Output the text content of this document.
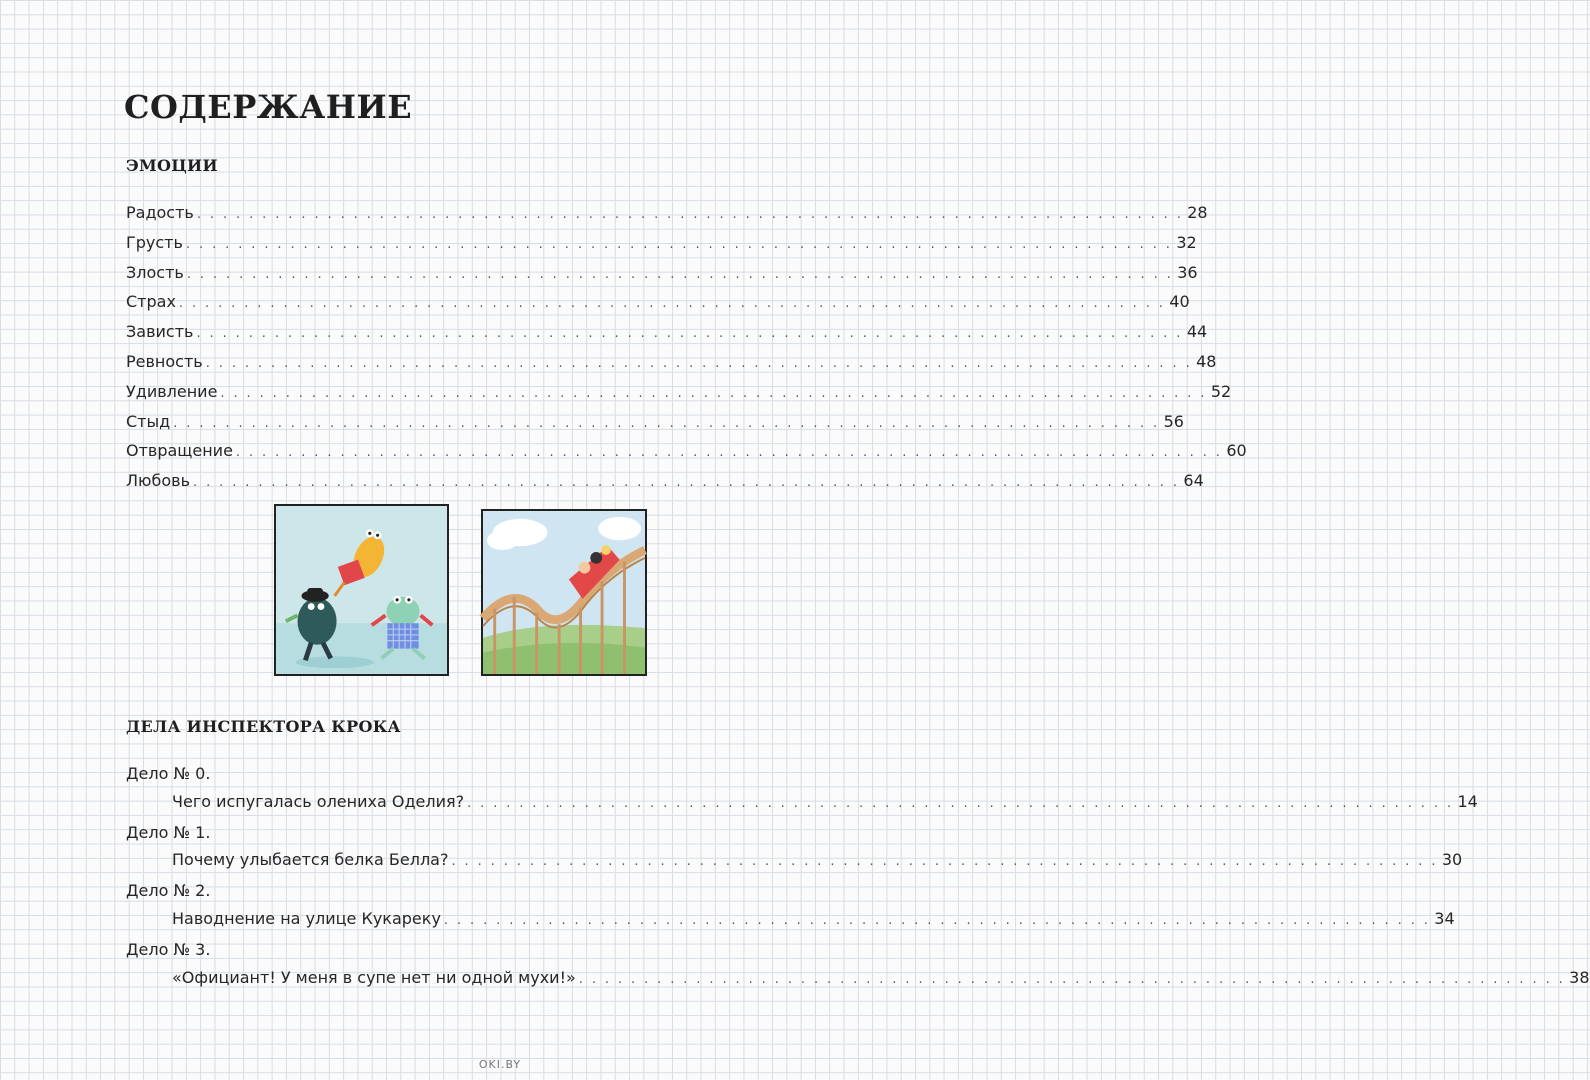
СОДЕРЖАНИЕ
ЭМОЦИИ
Радость . . . . . . . . . . . . . . . . . . . . . . . . . . . . . . . . . . . . . . . . . . . . . . . . . . . . . . . . . . . . . . . . . . . . . . . . . . . . 28
Грусть . . . . . . . . . . . . . . . . . . . . . . . . . . . . . . . . . . . . . . . . . . . . . . . . . . . . . . . . . . . . . . . . . . . . . . . . . . . . 32
Злость . . . . . . . . . . . . . . . . . . . . . . . . . . . . . . . . . . . . . . . . . . . . . . . . . . . . . . . . . . . . . . . . . . . . . . . . . . . . 36
Страх . . . . . . . . . . . . . . . . . . . . . . . . . . . . . . . . . . . . . . . . . . . . . . . . . . . . . . . . . . . . . . . . . . . . . . . . . . . . 40
Зависть . . . . . . . . . . . . . . . . . . . . . . . . . . . . . . . . . . . . . . . . . . . . . . . . . . . . . . . . . . . . . . . . . . . . . . . . . . . . 44
Ревность . . . . . . . . . . . . . . . . . . . . . . . . . . . . . . . . . . . . . . . . . . . . . . . . . . . . . . . . . . . . . . . . . . . . . . . . . . . . 48
Удивление . . . . . . . . . . . . . . . . . . . . . . . . . . . . . . . . . . . . . . . . . . . . . . . . . . . . . . . . . . . . . . . . . . . . . . . . . . . . 52
Стыд . . . . . . . . . . . . . . . . . . . . . . . . . . . . . . . . . . . . . . . . . . . . . . . . . . . . . . . . . . . . . . . . . . . . . . . . . . . . 56
Отвращение . . . . . . . . . . . . . . . . . . . . . . . . . . . . . . . . . . . . . . . . . . . . . . . . . . . . . . . . . . . . . . . . . . . . . . . . . . . . 60
Любовь . . . . . . . . . . . . . . . . . . . . . . . . . . . . . . . . . . . . . . . . . . . . . . . . . . . . . . . . . . . . . . . . . . . . . . . . . . . . 64
ДЕЛА ИНСПЕКТОРА КРОКА
Дело № 0.
Чего испугалась олениха Оделия? . . . . . . . . . . . . . . . . . . . . . . . . . . . . . . . . . . . . . . . . . . . . . . . . . . . . . . . . . . . . . . . . . . . . . . . . . . . . 14
Дело № 1.
Почему улыбается белка Белла? . . . . . . . . . . . . . . . . . . . . . . . . . . . . . . . . . . . . . . . . . . . . . . . . . . . . . . . . . . . . . . . . . . . . . . . . . . . . 30
Дело № 2.
Наводнение на улице Кукареку . . . . . . . . . . . . . . . . . . . . . . . . . . . . . . . . . . . . . . . . . . . . . . . . . . . . . . . . . . . . . . . . . . . . . . . . . . . . 34
Дело № 3.
«Официант! У меня в супе нет ни одной мухи!» . . . . . . . . . . . . . . . . . . . . . . . . . . . . . . . . . . . . . . . . . . . . . . . . . . . . . . . . . . . . . . . . . . . . . . . . . . . . 38
OKI.BY
